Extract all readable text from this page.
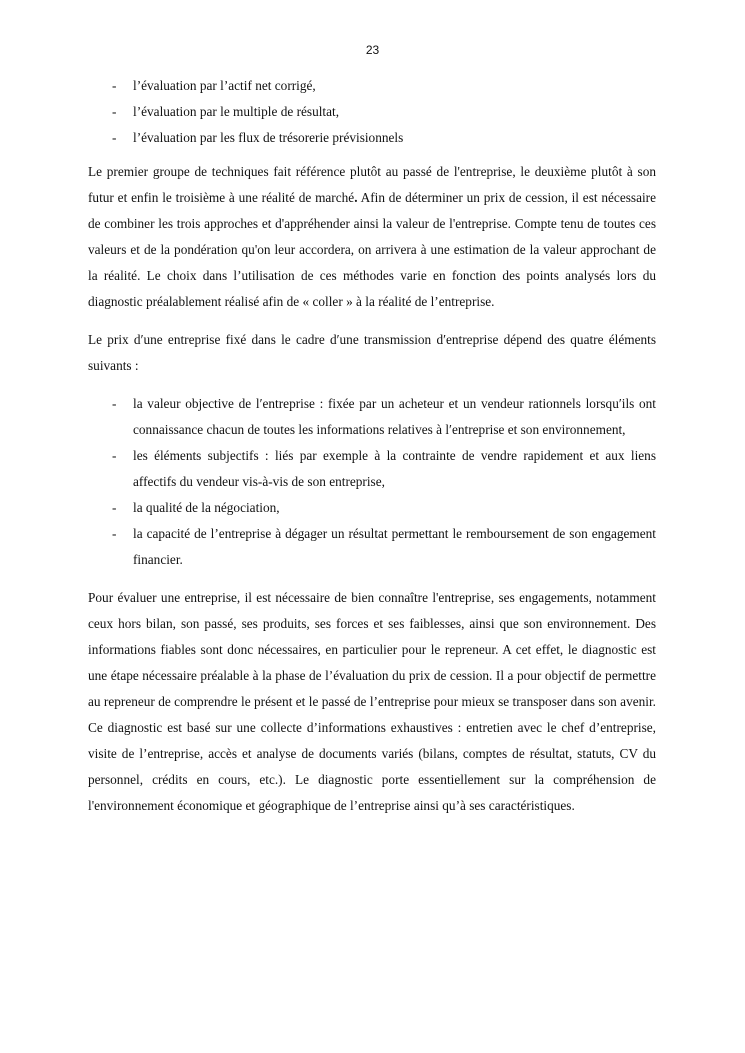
23
- l’évaluation par l’actif net corrigé,
- l’évaluation par le multiple de résultat,
- l’évaluation par les flux de trésorerie prévisionnels

Le premier groupe de techniques fait référence plutôt au passé de l'entreprise, le deuxième plutôt à son futur et enfin le troisième à une réalité de marché. Afin de déterminer un prix de cession, il est nécessaire de combiner les trois approches et d'appréhender ainsi la valeur de l'entreprise. Compte tenu de toutes ces valeurs et de la pondération qu'on leur accordera, on arrivera à une estimation de la valeur approchant de la réalité. Le choix dans l’utilisation de ces méthodes varie en fonction des points analysés lors du diagnostic préalablement réalisé afin de « coller » à la réalité de l’entreprise.

Le prix d′une entreprise fixé dans le cadre d′une transmission d′entreprise dépend des quatre éléments suivants :

- la valeur objective de l′entreprise : fixée par un acheteur et un vendeur rationnels lorsqu′ils ont connaissance chacun de toutes les informations relatives à l′entreprise et son environnement,
- les éléments subjectifs : liés par exemple à la contrainte de vendre rapidement et aux liens affectifs du vendeur vis-à-vis de son entreprise,
- la qualité de la négociation,
- la capacité de l’entreprise à dégager un résultat permettant le remboursement de son engagement financier.

Pour évaluer une entreprise, il est nécessaire de bien connaître l'entreprise, ses engagements, notamment ceux hors bilan, son passé, ses produits, ses forces et ses faiblesses, ainsi que son environnement. Des informations fiables sont donc nécessaires, en particulier pour le repreneur. A cet effet, le diagnostic est une étape nécessaire préalable à la phase de l’évaluation du prix de cession. Il a pour objectif de permettre au repreneur de comprendre le présent et le passé de l’entreprise pour mieux se transposer dans son avenir. Ce diagnostic est basé sur une collecte d’informations exhaustives : entretien avec le chef d’entreprise, visite de l’entreprise, accès et analyse de documents variés (bilans, comptes de résultat, statuts, CV du personnel, crédits en cours, etc.). Le diagnostic porte essentiellement sur la compréhension de l'environnement économique et géographique de l’entreprise ainsi qu’à ses caractéristiques.
